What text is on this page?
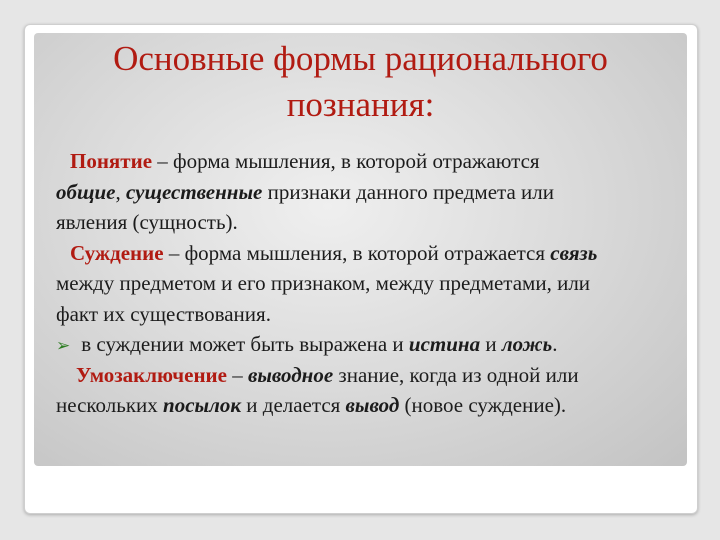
Основные формы рационального
познания:
Понятие – форма мышления, в которой отражаются
общие, существенные признаки данного предмета или
явления (сущность).
Суждение – форма мышления, в которой отражается связь
между предметом и его признаком, между предметами, или
факт их существования.
➢ в суждении может быть выражена и истина и ложь.
Умозаключение – выводное знание, когда из одной или
нескольких посылок и делается вывод (новое суждение).
